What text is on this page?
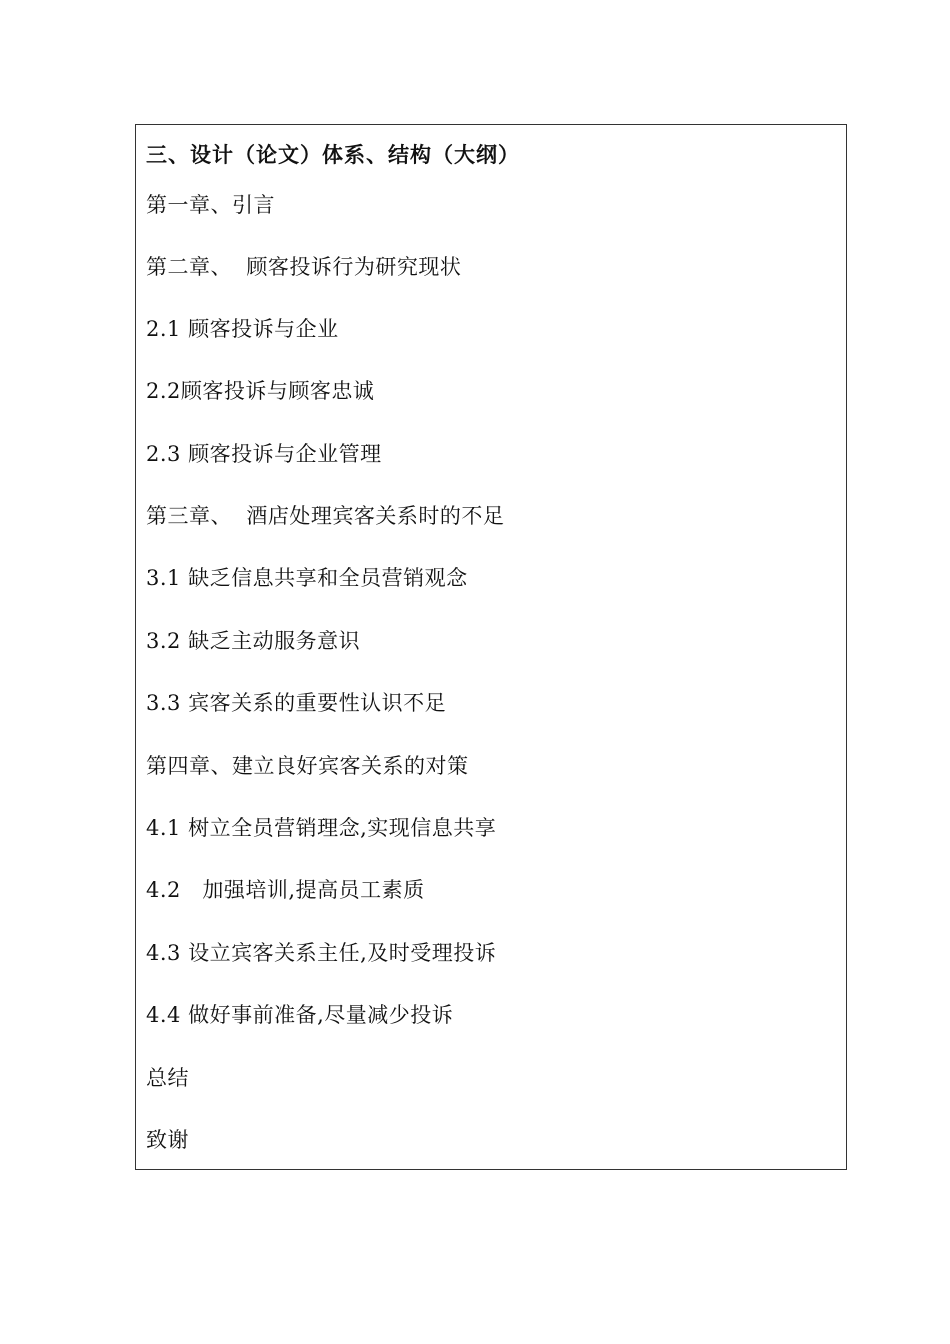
三、设计（论文）体系、结构（大纲）
第一章、引言
第二章、  顾客投诉行为研究现状
2.1 顾客投诉与企业
2.2顾客投诉与顾客忠诚
2.3 顾客投诉与企业管理
第三章、  酒店处理宾客关系时的不足
3.1 缺乏信息共享和全员营销观念
3.2 缺乏主动服务意识
3.3 宾客关系的重要性认识不足
第四章、建立良好宾客关系的对策
4.1 树立全员营销理念,实现信息共享
4.2   加强培训,提高员工素质
4.3 设立宾客关系主任,及时受理投诉
4.4 做好事前准备,尽量减少投诉
总结
致谢
